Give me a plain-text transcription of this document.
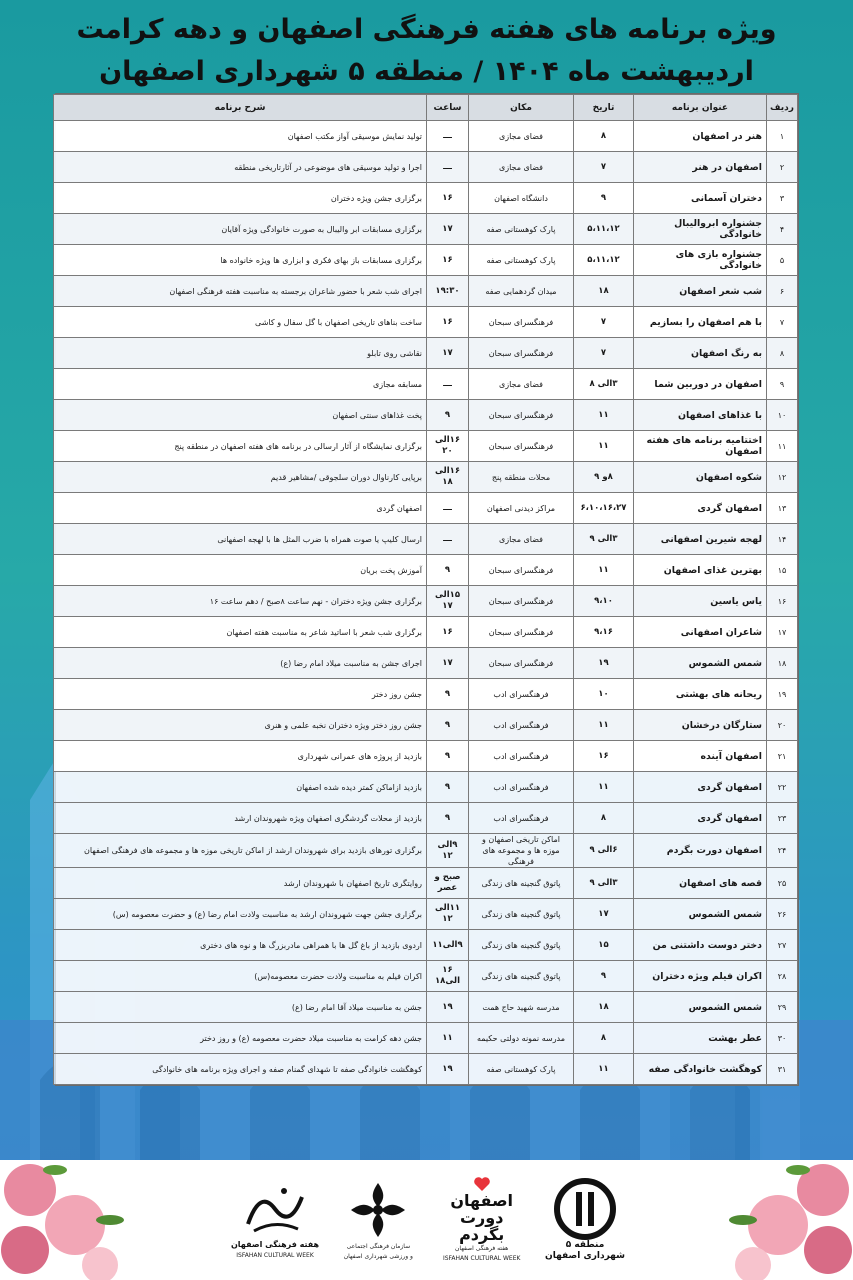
ویژه برنامه های هفته فرهنگی اصفهان و دهه کرامت
اردیبهشت ماه ۱۴۰۴ / منطقه ۵ شهرداری اصفهان
ردیف	عنوان برنامه	تاریخ	مکان	ساعت	شرح برنامه
۱	هنر در اصفهان	۸	فضای مجازی	ـــ	تولید نمایش موسیقی آواز مکتب اصفهان
۲	اصفهان در هنر	۷	فضای مجازی	ـــ	اجرا و تولید موسیقی های موضوعی در آثارتاریخی منطقه
۳	دختران آسمانی	۹	دانشگاه اصفهان	۱۶	برگزاری جشن ویژه دختران
۴	جشنواره ابروالیبال خانوادگی	۵،۱۱،۱۲	پارک کوهستانی صفه	۱۷	برگزاری مسابقات ابر والیبال به صورت خانوادگی ویژه آقایان
۵	جشنواره بازی های خانوادگی	۵،۱۱،۱۲	پارک کوهستانی صفه	۱۶	برگزاری مسابقات باز بهای فکری و ابزاری ها ویژه خانواده ها
۶	شب شعر اصفهان	۱۸	میدان گردهمایی صفه	۱۹:۳۰	اجرای شب شعر با حضور شاعران برجسته به مناسبت هفته فرهنگی اصفهان
۷	با هم اصفهان را بسازیم	۷	فرهنگسرای سبحان	۱۶	ساخت بناهای تاریخی اصفهان با گل سفال و کاشی
۸	به رنگ اصفهان	۷	فرهنگسرای سبحان	۱۷	نقاشی روی تابلو
۹	اصفهان در دوربین شما	۳الی ۸	فضای مجازی	ـــ	مسابقه مجازی
۱۰	با غذاهای اصفهان	۱۱	فرهنگسرای سبحان	۹	پخت غذاهای سنتی اصفهان
۱۱	اختتامیه برنامه های هفته اصفهان	۱۱	فرهنگسرای سبحان	۱۶الی ۲۰	برگزاری نمایشگاه از آثار ارسالی در برنامه های هفته اصفهان در منطقه پنج
۱۲	شکوه اصفهان	۸و ۹	محلات منطقه پنج	۱۶الی ۱۸	برپایی کارناوال دوران سلجوقی /مشاهیر قدیم
۱۳	اصفهان گردی	۶،۱۰،۱۶،۲۷	مراکز دیدنی اصفهان	ـــ	اصفهان گردی
۱۴	لهجه شیرین اصفهانی	۳الی ۹	فضای مجازی	ـــ	ارسال کلیپ یا صوت همراه با ضرب المثل ها با لهجه اصفهانی
۱۵	بهترین غذای اصفهان	۱۱	فرهنگسرای سبحان	۹	آموزش پخت بریان
۱۶	یاس یاسین	۹،۱۰	فرهنگسرای سبحان	۱۵الی ۱۷	برگزاری جشن ویژه دختران - نهم ساعت ۸صبح / دهم ساعت ۱۶
۱۷	شاعران اصفهانی	۹،۱۶	فرهنگسرای سبحان	۱۶	برگزاری شب شعر با اساتید شاعر به مناسبت هفته اصفهان
۱۸	شمس الشموس	۱۹	فرهنگسرای سبحان	۱۷	اجرای جشن به مناسبت میلاد امام رضا (ع)
۱۹	ریحانه های بهشتی	۱۰	فرهنگسرای ادب	۹	جشن روز دختر
۲۰	ستارگان درخشان	۱۱	فرهنگسرای ادب	۹	جشن روز دختر ویژه دختران نخبه علمی و هنری
۲۱	اصفهان آینده	۱۶	فرهنگسرای ادب	۹	بازدید از پروژه های عمرانی شهرداری
۲۲	اصفهان گردی	۱۱	فرهنگسرای ادب	۹	بازدید ازاماکن کمتر دیده شده اصفهان
۲۳	اصفهان گردی	۸	فرهنگسرای ادب	۹	بازدید از محلات گردشگری اصفهان ویژه شهروندان ارشد
۲۴	اصفهان دورت بگردم	۶الی ۹	اماکن تاریخی اصفهان و موزه ها و مجموعه های فرهنگی	۹الی ۱۲	برگزاری تورهای بازدید برای شهروندان ارشد از اماکن تاریخی موزه ها و مجموعه های فرهنگی اصفهان
۲۵	قصه های اصفهان	۳الی ۹	پاتوق گنجینه های زندگی	صبح و عصر	روایتگری تاریخ اصفهان با شهروندان ارشد
۲۶	شمس الشموس	۱۷	پاتوق گنجینه های زندگی	۱۱الی ۱۲	برگزاری جشن جهت شهروندان ارشد به مناسبت ولادت امام رضا (ع) و حضرت معصومه (س)
۲۷	دختر دوست داشتنی من	۱۵	پاتوق گنجینه های زندگی	۹الی۱۱	اردوی بازدید از باغ گل ها با همراهی مادربزرگ ها و نوه های دختری
۲۸	اکران فیلم ویژه دختران	۹	پاتوق گنجینه های زندگی	۱۶ الی۱۸	اکران فیلم به مناسبت ولادت حضرت معصومه(س)
۲۹	شمس الشموس	۱۸	مدرسه شهید حاج همت	۱۹	جشن به مناسبت میلاد آقا امام رضا (ع)
۳۰	عطر بهشت	۸	مدرسه نمونه دولتی حکیمه	۱۱	جشن دهه کرامت به مناسبت میلاد حضرت معصومه (ع) و روز دختر
۳۱	کوهگشت خانوادگی صفه	۱۱	پارک کوهستانی صفه	۱۹	کوهگشت خانوادگی صفه تا شهدای گمنام صفه و اجرای ویژه برنامه های خانوادگی
منطقه ۵
شهرداری اصفهان
اصفهان
دورت
بگردم
هفته فرهنگی اصفهان
ISFAHAN CULTURAL WEEK
سازمان فرهنگی اجتماعی
و ورزشی شهرداری اصفهان
هفته فرهنگی اصفهان
ISFAHAN CULTURAL WEEK
